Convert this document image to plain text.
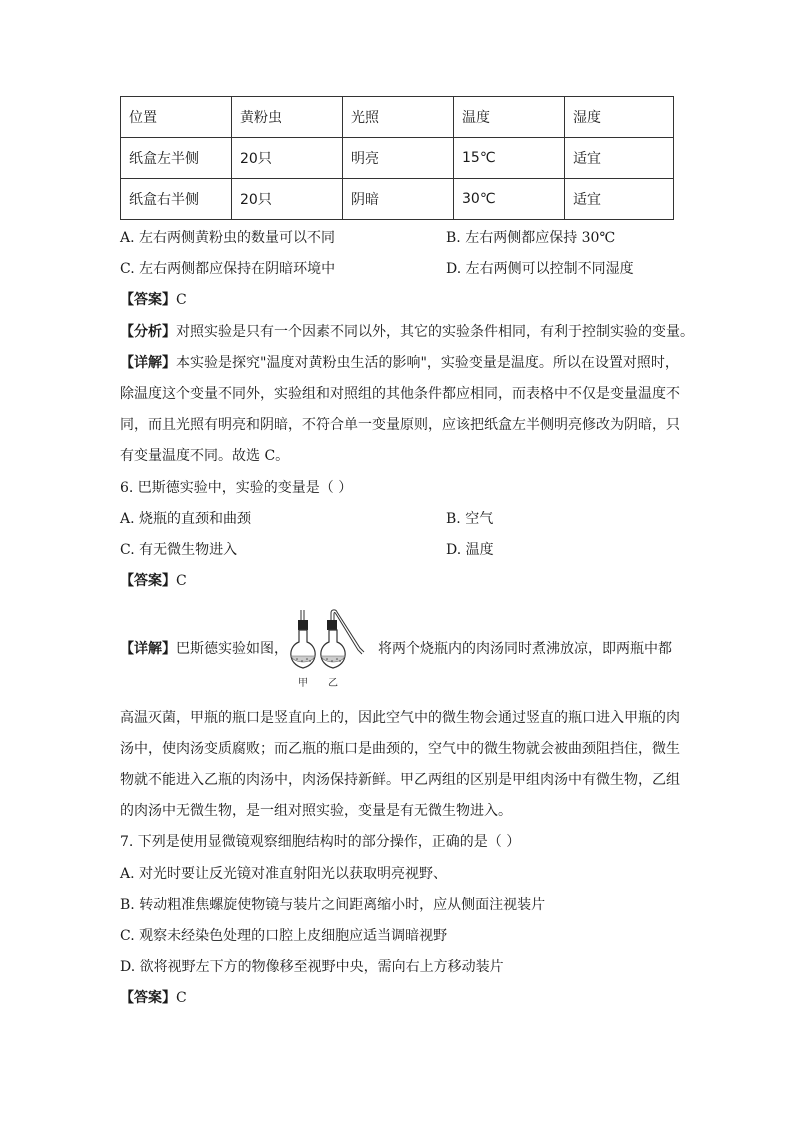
位置	黄粉虫	光照	温度	湿度
纸盒左半侧	20只	明亮	15℃	适宜
纸盒右半侧	20只	阴暗	30℃	适宜
A. 左右两侧黄粉虫的数量可以不同	B. 左右两侧都应保持 30℃
C. 左右两侧都应保持在阴暗环境中	D. 左右两侧可以控制不同湿度
【答案】C
【分析】对照实验是只有一个因素不同以外，其它的实验条件相同，有利于控制实验的变量。
【详解】本实验是探究"温度对黄粉虫生活的影响"，实验变量是温度。所以在设置对照时，
除温度这个变量不同外，实验组和对照组的其他条件都应相同，而表格中不仅是变量温度不
同，而且光照有明亮和阴暗，不符合单一变量原则，应该把纸盒左半侧明亮修改为阴暗，只
有变量温度不同。故选 C。
6. 巴斯德实验中，实验的变量是（ ）
A. 烧瓶的直颈和曲颈	B. 空气
C. 有无微生物进入	D. 温度
【答案】C
【详解】巴斯德实验如图，
甲 乙
将两个烧瓶内的肉汤同时煮沸放凉，即两瓶中都
高温灭菌，甲瓶的瓶口是竖直向上的，因此空气中的微生物会通过竖直的瓶口进入甲瓶的肉
汤中，使肉汤变质腐败；而乙瓶的瓶口是曲颈的，空气中的微生物就会被曲颈阻挡住，微生
物就不能进入乙瓶的肉汤中，肉汤保持新鲜。甲乙两组的区别是甲组肉汤中有微生物，乙组
的肉汤中无微生物，是一组对照实验，变量是有无微生物进入。
7. 下列是使用显微镜观察细胞结构时的部分操作，正确的是（ ）
A. 对光时要让反光镜对准直射阳光以获取明亮视野、
B. 转动粗准焦螺旋使物镜与装片之间距离缩小时，应从侧面注视装片
C. 观察未经染色处理的口腔上皮细胞应适当调暗视野
D. 欲将视野左下方的物像移至视野中央，需向右上方移动装片
【答案】C
